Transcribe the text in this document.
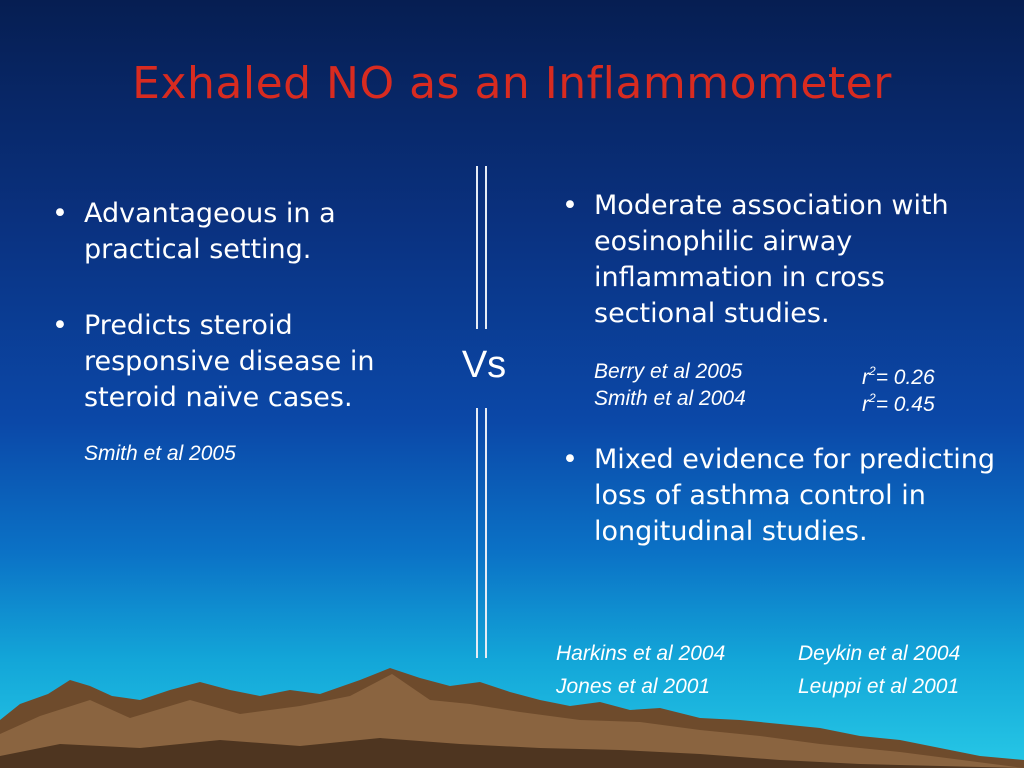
Exhaled NO as an Inflammometer
• Advantageous in a practical setting.
• Predicts steroid responsive disease in steroid naïve cases.
Smith et al 2005
Vs
• Moderate association with eosinophilic airway inflammation in cross sectional studies.
Berry et al 2005	$r^2= 0.26$
Smith et al 2004	$r^2= 0.45$
• Mixed evidence for predicting loss of asthma control in longitudinal studies.
Harkins et al 2004	Deykin et al 2004
Jones et al 2001	Leuppi et al 2001
